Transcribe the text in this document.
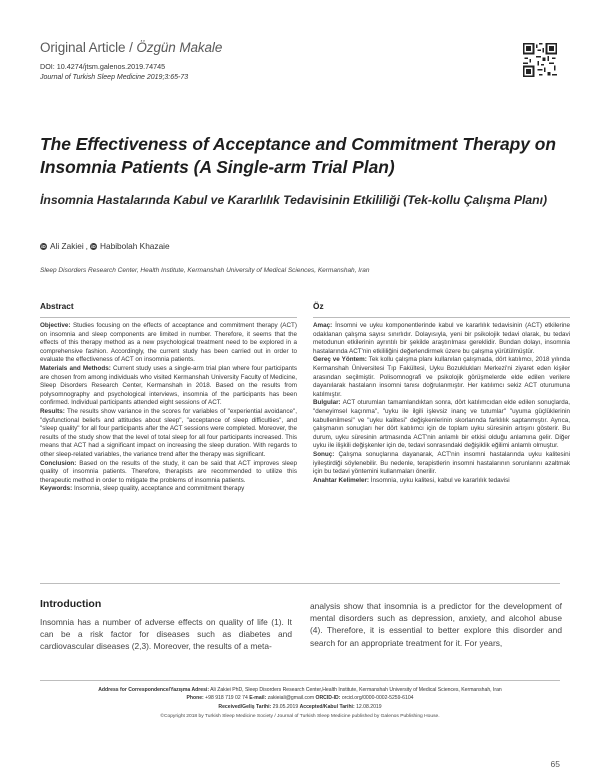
Original Article / Özgün Makale
DOI: 10.4274/jtsm.galenos.2019.74745
Journal of Turkish Sleep Medicine 2019;3:65-73
The Effectiveness of Acceptance and Commitment Therapy on Insomnia Patients (A Single-arm Trial Plan)
İnsomnia Hastalarında Kabul ve Kararlılık Tedavisinin Etkililiği (Tek-kollu Çalışma Planı)
iD Ali Zakiei , iD Habibolah Khazaie
Sleep Disorders Research Center, Health Institute, Kermanshah University of Medical Sciences, Kermanshah, Iran
Abstract
Objective: Studies focusing on the effects of acceptance and commitment therapy (ACT) on insomnia and sleep components are limited in number. Therefore, it seems that the effects of this therapy method as a new psychological treatment need to be explored in a comprehensive fashion. Accordingly, the current study has been carried out in order to evaluate the effectiveness of ACT on insomnia patients.
Materials and Methods: Current study uses a single-arm trial plan where four participants are chosen from among individuals who visited Kermanshah University Faculty of Medicine, Sleep Disorders Research Center, Kermanshah in 2018. Based on the results from polysomnography and psychological interviews, insomnia of the participants has been confirmed. Individual participants attended eight sessions of ACT.
Results: The results show variance in the scores for variables of "experiential avoidance", "dysfunctional beliefs and attitudes about sleep", "acceptance of sleep difficulties", and "sleep quality" for all four participants after the ACT sessions were completed. Moreover, the results of the study show that the level of total sleep for all four participants increased. This means that ACT had a significant impact on increasing the sleep duration. With regards to other sleep-related variables, the variance trend after the therapy was significant.
Conclusion: Based on the results of the study, it can be said that ACT improves sleep quality of insomnia patients. Therefore, therapists are recommended to utilize this therapeutic method in order to mitigate the problems of insomnia patients.
Keywords: Insomnia, sleep quality, acceptance and commitment therapy
Öz
Amaç: İnsomni ve uyku komponentlerinde kabul ve kararlılık tedavisinin (ACT) etkilerine odaklanan çalışma sayısı sınırlıdır. Dolayısıyla, yeni bir psikolojik tedavi olarak, bu tedavi metodunun etkilerinin ayrıntılı bir şekilde araştırılması gereklidir. Bundan dolayı, insomnia hastalarında ACT'nin etkililiğini değerlendirmek üzere bu çalışma yürütülmüştür.
Gereç ve Yöntem: Tek kollu çalışma planı kullanılan çalışmada, dört katılımcı, 2018 yılında Kermanshah Üniversitesi Tıp Fakültesi, Uyku Bozuklukları Merkezi'ni ziyaret eden kişiler arasından seçilmiştir. Polisomnografi ve psikolojik görüşmelerde elde edilen verilere dayanılarak hastaların insomni tanısı doğrulanmıştır. Her katılımcı sekiz ACT oturumuna katılmıştır.
Bulgular: ACT oturumları tamamlandıktan sonra, dört katılımcıdan elde edilen sonuçlarda, "deneyimsel kaçınma", "uyku ile ilgili işlevsiz inanç ve tutumlar" "uyuma güçlüklerinin kabullenilmesi" ve "uyku kalitesi" değişkenlerinin skorlarında farklılık saptanmıştır. Ayrıca, çalışmanın sonuçları her dört katılımcı için de toplam uyku süresinin artışını gösterir. Bu durum, uyku süresinin artmasında ACT'nin anlamlı bir etkisi olduğu anlamına gelir. Diğer uyku ile ilişkili değişkenler için de, tedavi sonrasındaki değişiklik eğilimi anlamlı olmuştur.
Sonuç: Çalışma sonuçlarına dayanarak, ACT'nin insomni hastalarında uyku kalitesini iyileştirdiği söylenebilir. Bu nedenle, terapistlerin insomni hastalarının sorunlarını azaltmak için bu tedavi yöntemini kullanmaları önerilir.
Anahtar Kelimeler: İnsomnia, uyku kalitesi, kabul ve kararlılık tedavisi
Introduction

Insomnia has a number of adverse effects on quality of life (1). It can be a risk factor for diseases such as diabetes and cardiovascular diseases (2,3). Moreover, the results of a meta-

analysis show that insomnia is a predictor for the development of mental disorders such as depression, anxiety, and alcohol abuse (4). Therefore, it is essential to better explore this disorder and search for an appropriate treatment for it. For years,

Address for Correspondence/Yazışma Adresi: Ali Zakiei PhD, Sleep Disorders Research Center,Health Institute, Kermanshah University of Medical Sciences, Kermanshah, Iran
Phone: +98 918 719 02 74 E-mail: zakieiali@gmail.com ORCID-ID: orcid.org/0000-0002-5259-6104
Received/Geliş Tarihi: 29.05.2019 Accepted/Kabul Tarihi: 12.08.2019
©Copyright 2018 by Turkish Sleep Medicine Society / Journal of Turkish Sleep Medicine published by Galenos Publishing House.
65
